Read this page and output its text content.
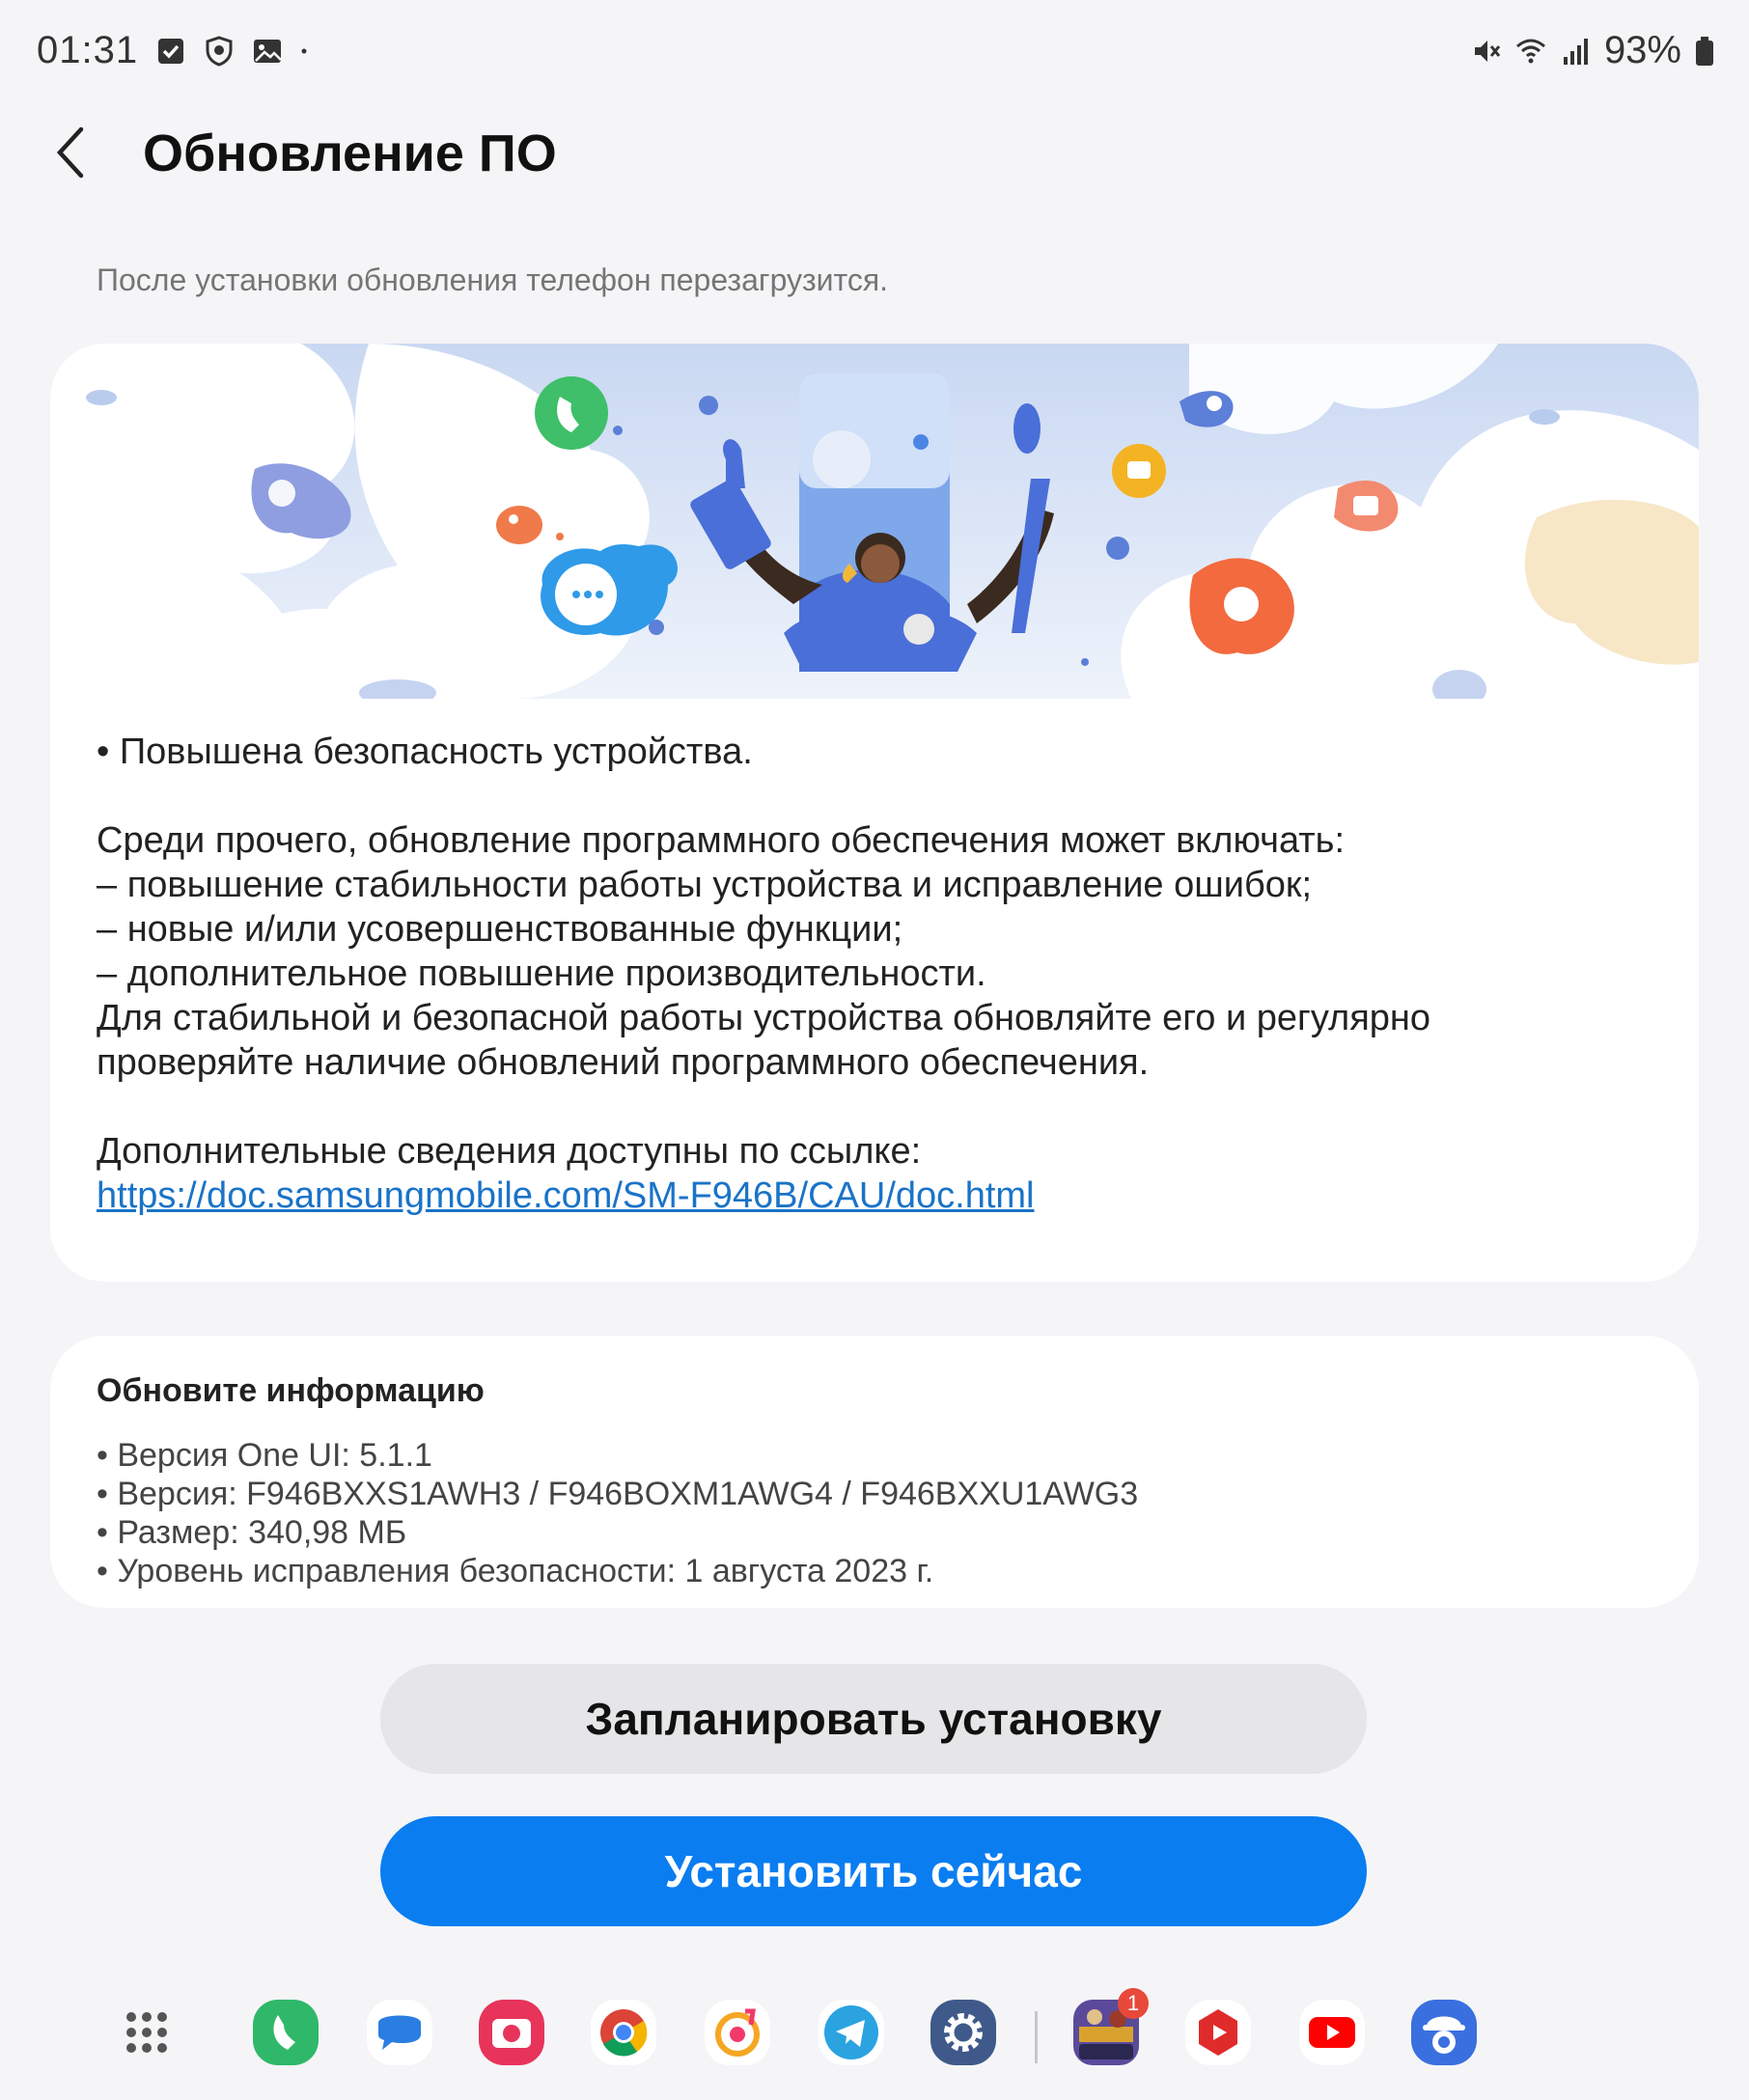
01:31	93%
Обновление ПО

После установки обновления телефон перезагрузится.

• Повышена безопасность устройства.

Среди прочего, обновление программного обеспечения может включать:

– повышение стабильности работы устройства и исправление ошибок;

– новые и/или усовершенствованные функции;

– дополнительное повышение производительности.

Для стабильной и безопасной работы устройства обновляйте его и регулярно

проверяйте наличие обновлений программного обеспечения.

Дополнительные сведения доступны по ссылке:

https://doc.samsungmobile.com/SM-F946B/CAU/doc.html

Обновите информацию
• Версия One UI: 5.1.1
• Версия: F946BXXS1AWH3 / F946BOXM1AWG4 / F946BXXU1AWG3
• Размер: 340,98 МБ
• Уровень исправления безопасности: 1 августа 2023 г.
Запланировать установку
Установить сейчас
1
